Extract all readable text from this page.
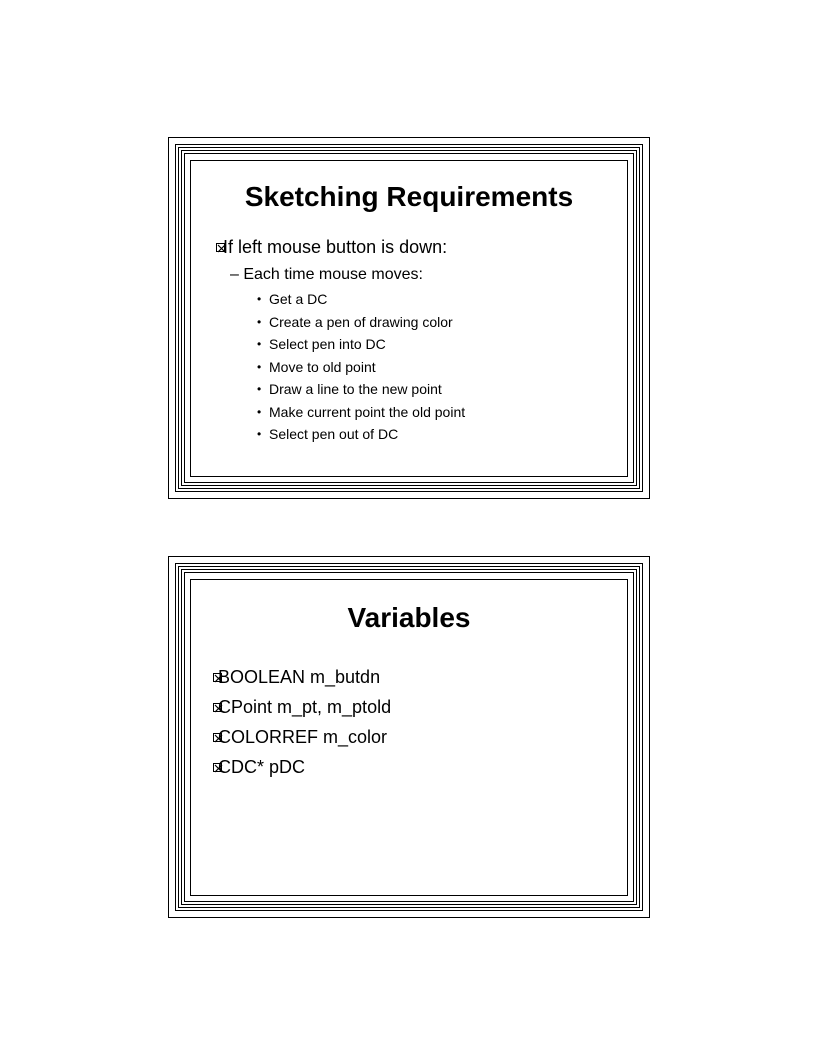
Sketching Requirements
If left mouse button is down:
– Each time mouse moves:
• Get a DC
• Create a pen of drawing color
• Select pen into DC
• Move to old point
• Draw a line to the new point
• Make current point the old point
• Select pen out of DC
Variables
BOOLEAN m_butdn
CPoint m_pt, m_ptold
COLORREF m_color
CDC* pDC
